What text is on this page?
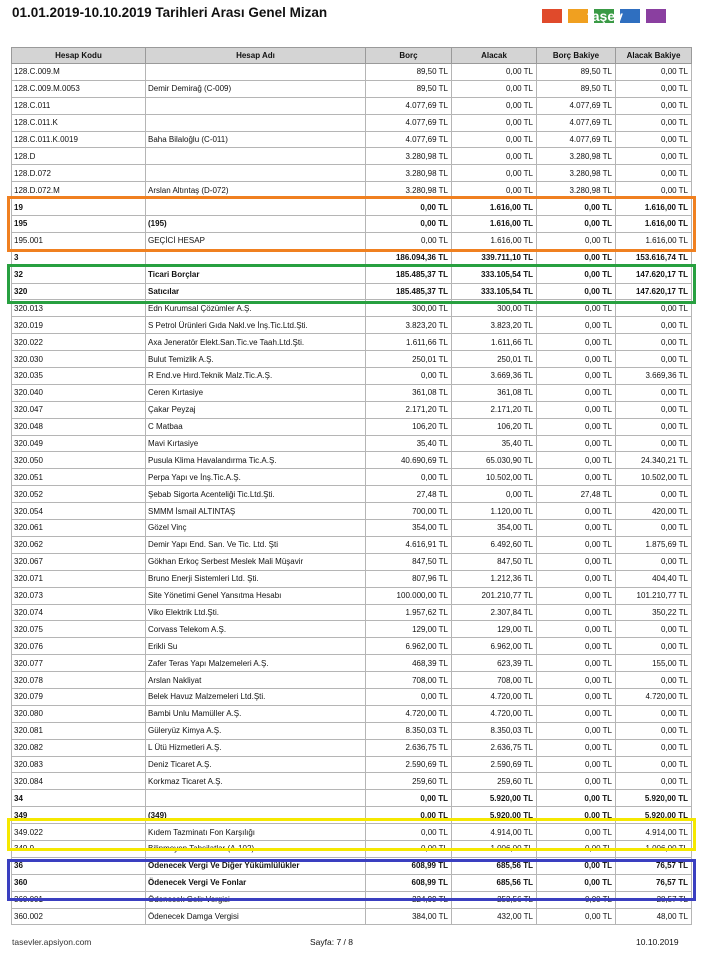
01.01.2019-10.10.2019 Tarihleri Arası Genel Mizan	taşev
Hesap Kodu	Hesap Adı	Borç	Alacak	Borç Bakiye	Alacak Bakiye
128.C.009.M		89,50 TL	0,00 TL	89,50 TL	0,00 TL
128.C.009.M.0053	Demir Demirağ (C-009)	89,50 TL	0,00 TL	89,50 TL	0,00 TL
128.C.011		4.077,69 TL	0,00 TL	4.077,69 TL	0,00 TL
128.C.011.K		4.077,69 TL	0,00 TL	4.077,69 TL	0,00 TL
128.C.011.K.0019	Baha Bilaloğlu (C-011)	4.077,69 TL	0,00 TL	4.077,69 TL	0,00 TL
128.D		3.280,98 TL	0,00 TL	3.280,98 TL	0,00 TL
128.D.072		3.280,98 TL	0,00 TL	3.280,98 TL	0,00 TL
128.D.072.M	Arslan Altıntaş (D-072)	3.280,98 TL	0,00 TL	3.280,98 TL	0,00 TL
19		0,00 TL	1.616,00 TL	0,00 TL	1.616,00 TL
195	(195)	0,00 TL	1.616,00 TL	0,00 TL	1.616,00 TL
195.001	GEÇİCİ HESAP	0,00 TL	1.616,00 TL	0,00 TL	1.616,00 TL
3		186.094,36 TL	339.711,10 TL	0,00 TL	153.616,74 TL
32	Ticari Borçlar	185.485,37 TL	333.105,54 TL	0,00 TL	147.620,17 TL
320	Satıcılar	185.485,37 TL	333.105,54 TL	0,00 TL	147.620,17 TL
320.013	Edn Kurumsal Çözümler A.Ş.	300,00 TL	300,00 TL	0,00 TL	0,00 TL
320.019	S Petrol Ürünleri Gıda Nakl.ve İnş.Tic.Ltd.Şti.	3.823,20 TL	3.823,20 TL	0,00 TL	0,00 TL
320.022	Axa Jeneratör Elekt.San.Tic.ve Taah.Ltd.Şti.	1.611,66 TL	1.611,66 TL	0,00 TL	0,00 TL
320.030	Bulut Temizlik A.Ş.	250,01 TL	250,01 TL	0,00 TL	0,00 TL
320.035	R End.ve Hırd.Teknik Malz.Tic.A.Ş.	0,00 TL	3.669,36 TL	0,00 TL	3.669,36 TL
320.040	Ceren Kırtasiye	361,08 TL	361,08 TL	0,00 TL	0,00 TL
320.047	Çakar Peyzaj	2.171,20 TL	2.171,20 TL	0,00 TL	0,00 TL
320.048	C Matbaa	106,20 TL	106,20 TL	0,00 TL	0,00 TL
320.049	Mavi Kırtasiye	35,40 TL	35,40 TL	0,00 TL	0,00 TL
320.050	Pusula Klima Havalandırma Tic.A.Ş.	40.690,69 TL	65.030,90 TL	0,00 TL	24.340,21 TL
320.051	Perpa Yapı ve İnş.Tic.A.Ş.	0,00 TL	10.502,00 TL	0,00 TL	10.502,00 TL
320.052	Şebab Sigorta Acenteliği Tic.Ltd.Şti.	27,48 TL	0,00 TL	27,48 TL	0,00 TL
320.054	SMMM İsmail ALTINTAŞ	700,00 TL	1.120,00 TL	0,00 TL	420,00 TL
320.061	Gözel Vinç	354,00 TL	354,00 TL	0,00 TL	0,00 TL
320.062	Demir Yapı End. San. Ve Tic. Ltd. Şti	4.616,91 TL	6.492,60 TL	0,00 TL	1.875,69 TL
320.067	Gökhan Erkoç Serbest Meslek Mali Müşavir	847,50 TL	847,50 TL	0,00 TL	0,00 TL
320.071	Bruno Enerji Sistemleri Ltd. Şti.	807,96 TL	1.212,36 TL	0,00 TL	404,40 TL
320.073	Site Yönetimi Genel Yansıtma Hesabı	100.000,00 TL	201.210,77 TL	0,00 TL	101.210,77 TL
320.074	Viko Elektrik Ltd.Şti.	1.957,62 TL	2.307,84 TL	0,00 TL	350,22 TL
320.075	Corvass Telekom A.Ş.	129,00 TL	129,00 TL	0,00 TL	0,00 TL
320.076	Erikli Su	6.962,00 TL	6.962,00 TL	0,00 TL	0,00 TL
320.077	Zafer Teras Yapı Malzemeleri A.Ş.	468,39 TL	623,39 TL	0,00 TL	155,00 TL
320.078	Arslan Nakliyat	708,00 TL	708,00 TL	0,00 TL	0,00 TL
320.079	Belek Havuz Malzemeleri Ltd.Şti.	0,00 TL	4.720,00 TL	0,00 TL	4.720,00 TL
320.080	Bambi Unlu Mamüller A.Ş.	4.720,00 TL	4.720,00 TL	0,00 TL	0,00 TL
320.081	Güleryüz Kimya A.Ş.	8.350,03 TL	8.350,03 TL	0,00 TL	0,00 TL
320.082	L Ütü Hizmetleri A.Ş.	2.636,75 TL	2.636,75 TL	0,00 TL	0,00 TL
320.083	Deniz Ticaret A.Ş.	2.590,69 TL	2.590,69 TL	0,00 TL	0,00 TL
320.084	Korkmaz Ticaret A.Ş.	259,60 TL	259,60 TL	0,00 TL	0,00 TL
34		0,00 TL	5.920,00 TL	0,00 TL	5.920,00 TL
349	(349)	0,00 TL	5.920,00 TL	0,00 TL	5.920,00 TL
349.022	Kıdem Tazminatı Fon Karşılığı	0,00 TL	4.914,00 TL	0,00 TL	4.914,00 TL
349.9	Bilinmeyen Tahsilatlar (A-102)	0,00 TL	1.006,00 TL	0,00 TL	1.006,00 TL
36	Ödenecek Vergi Ve Diğer Yükümlülükler	608,99 TL	685,56 TL	0,00 TL	76,57 TL
360	Ödenecek Vergi Ve Fonlar	608,99 TL	685,56 TL	0,00 TL	76,57 TL
360.001	Ödenecek Gelir Vergisi	224,99 TL	253,56 TL	0,00 TL	28,57 TL
360.002	Ödenecek Damga Vergisi	384,00 TL	432,00 TL	0,00 TL	48,00 TL
tasevler.apsiyon.com	Sayfa: 7 / 8	10.10.2019
